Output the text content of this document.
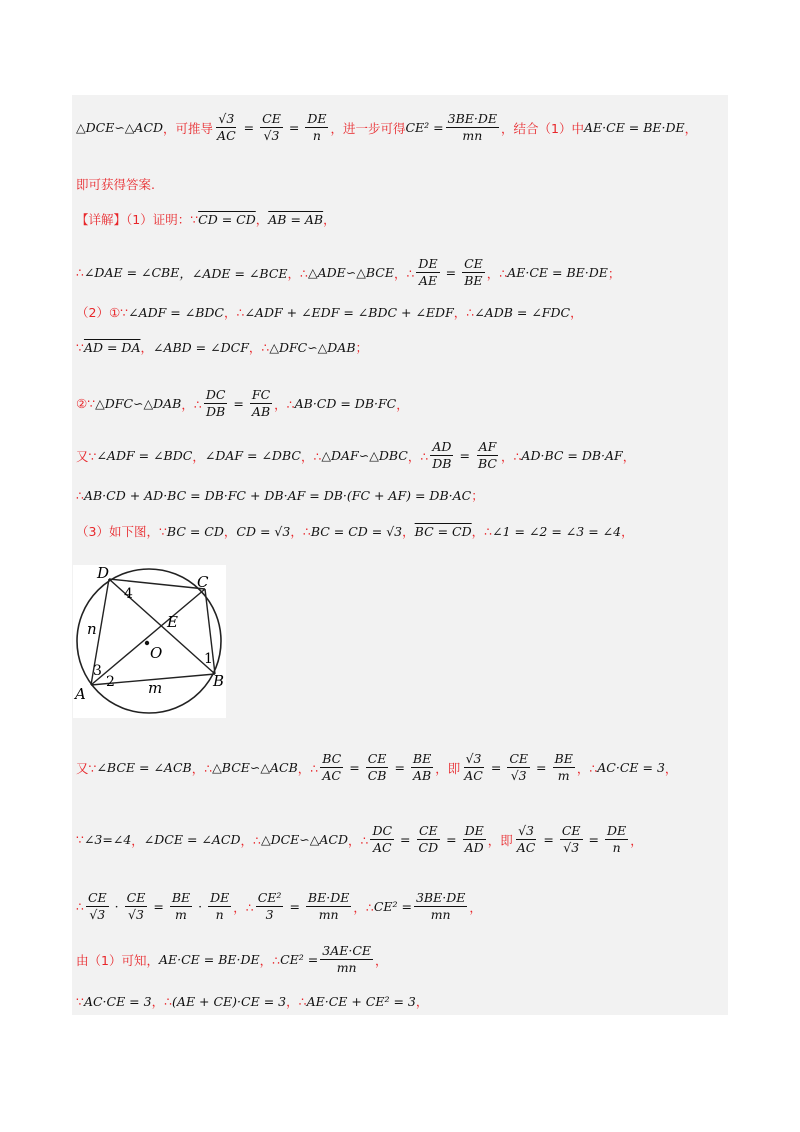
△DCE∽△ACD ，可推导 $\frac{√3}{AC} = \frac{CE}{√3} = \frac{DE}{n}$ ，进一步可得 $CE^2 = \frac{3BE\cdot DE}{mn}$ ，结合（1）中 AE·CE = BE·DE ，
即可获得答案.
【详解】（1）证明：∵ CD = CD ， AB = AB ，
∴ ∠DAE = ∠CBE ，∠ADE = ∠BCE ，∴ △ADE∽△BCE ，∴ $\frac{DE}{AE} = \frac{CE}{BE}$ ，∴ AE·CE = BE·DE ；
（2）①∵ ∠ADF = ∠BDC ，∴ ∠ADF + ∠EDF = ∠BDC + ∠EDF ，∴ ∠ADB = ∠FDC ，
∵ AD = DA ， ∠ABD = ∠DCF ，∴ △DFC∽△DAB ；
②∵ △DFC∽△DAB ，∴ $\frac{DC}{DB} = \frac{FC}{AB}$ ，∴ AB·CD = DB·FC ，
又∵ ∠ADF = ∠BDC ， ∠DAF = ∠DBC ，∴ △DAF∽△DBC ，∴ $\frac{AD}{DB} = \frac{AF}{BC}$ ，∴ AD·BC = DB·AF ，
∴ AB·CD + AD·BC = DB·FC + DB·AF = DB·(FC + AF) = DB·AC ；
（3）如下图，∵ BC = CD ， CD = √3 ，∴ BC = CD = √3 ， BC = CD ，∴ ∠1 = ∠2 = ∠3 = ∠4 ，
D	C
E
O
n
m
A
B
4
1
3
2
又∵ ∠BCE = ∠ACB ，∴ △BCE∽△ACB ，∴ $\frac{BC}{AC} = \frac{CE}{CB} = \frac{BE}{AB}$ ，即 $\frac{√3}{AC} = \frac{CE}{√3} = \frac{BE}{m}$ ，∴ AC·CE = 3 ，
∵ ∠3=∠4 ， ∠DCE = ∠ACD ，∴ △DCE∽△ACD ，∴ $\frac{DC}{AC} = \frac{CE}{CD} = \frac{DE}{AD}$ ，即 $\frac{√3}{AC} = \frac{CE}{√3} = \frac{DE}{n}$ ，
∴ $\frac{CE}{√3} \cdot \frac{CE}{√3} = \frac{BE}{m} \cdot \frac{DE}{n}$ ，∴ $\frac{\text{CE²}}{3} = \frac{BE\cdot DE}{mn}$ ，∴ $CE^2 = \frac{3BE\cdot DE}{mn}$ ，
由（1）可知， AE·CE = BE·DE ，∴ $CE^2 = \frac{3AE\cdot CE}{mn}$ ，
∵ AC·CE = 3 ，∴ (AE + CE)·CE = 3 ，∴ AE·CE + CE² = 3 ，
